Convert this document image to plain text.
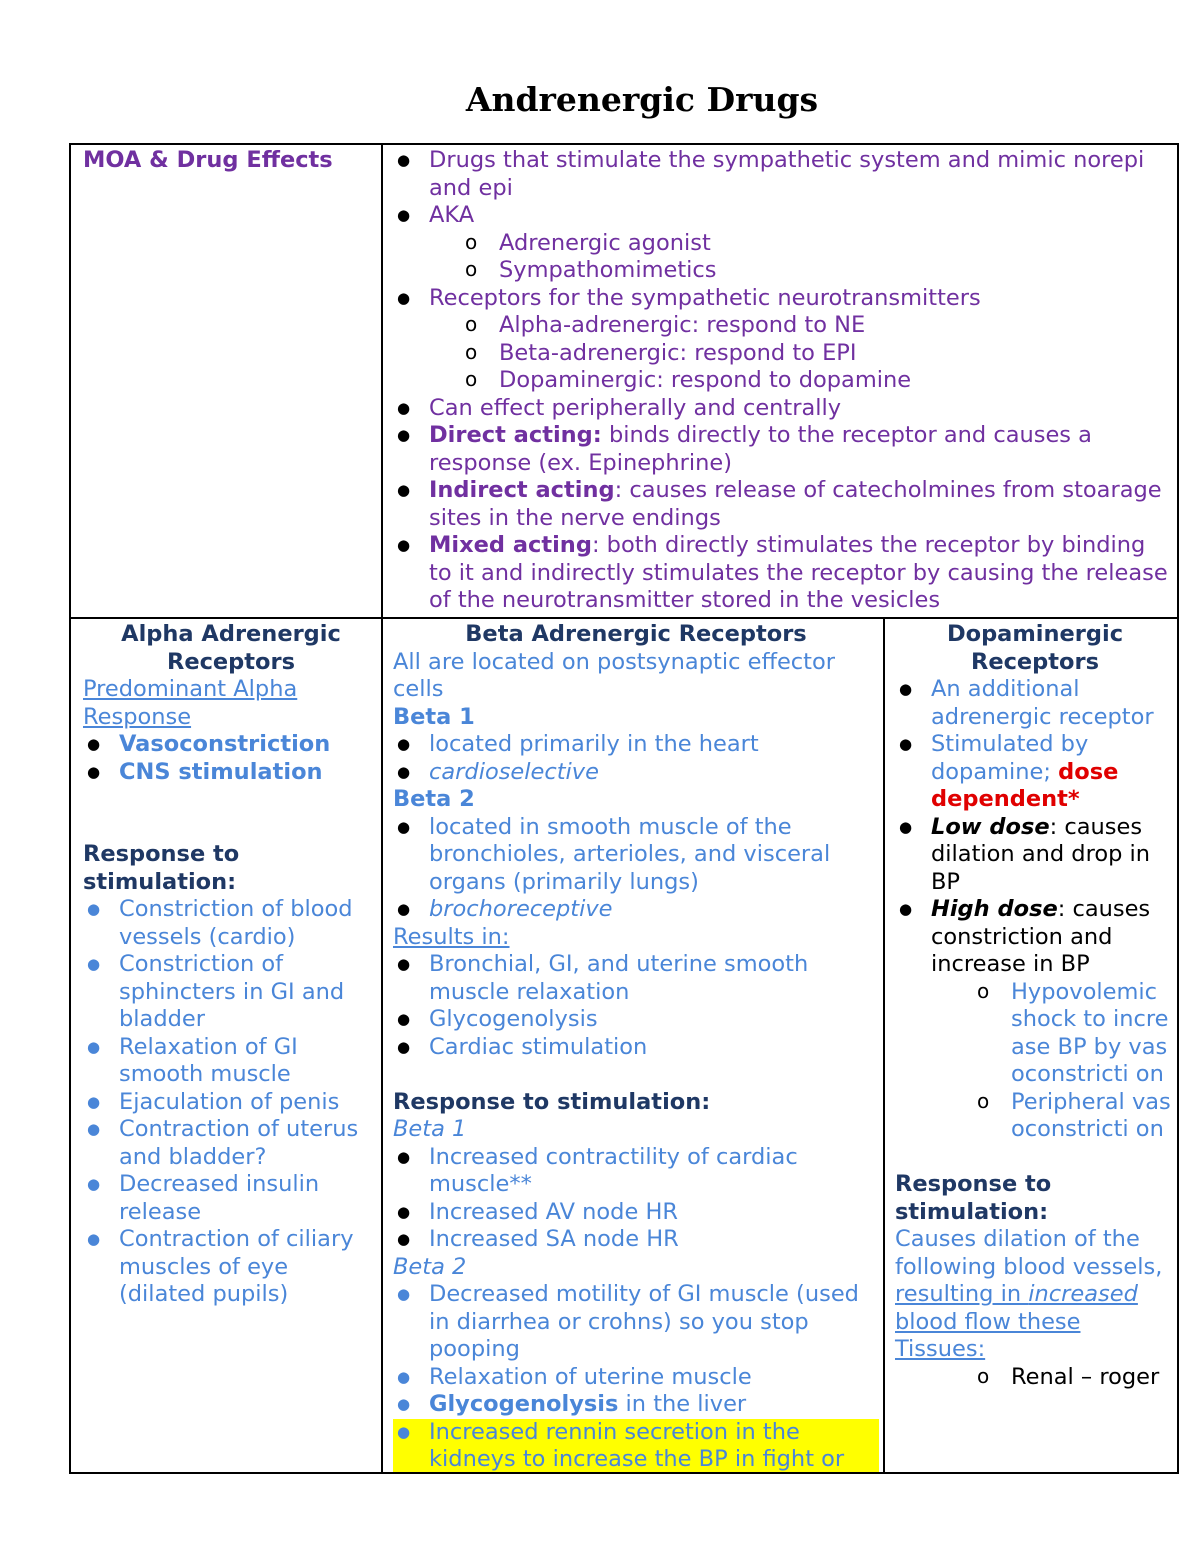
Andrenergic Drugs
MOA & Drug Effects
●	Drugs that stimulate the sympathetic system and mimic norepi and epi
● AKA
o Adrenergic agonist
o Sympathomimetics
● Receptors for the sympathetic neurotransmitters
o Alpha-adrenergic: respond to NE
o Beta-adrenergic: respond to EPI
o Dopaminergic: respond to dopamine
● Can effect peripherally and centrally
● Direct acting: binds directly to the receptor and causes a response (ex. Epinephrine)
● Indirect acting: causes release of catecholmines from stoarage sites in the nerve endings
● Mixed acting: both directly stimulates the receptor by binding to it and indirectly stimulates the receptor by causing the release of the neurotransmitter stored in the vesicles
Alpha Adrenergic Receptors
Predominant Alpha Response
● Vasoconstriction
● CNS stimulation
Response to stimulation:
● Constriction of blood vessels (cardio)
● Constriction of sphincters in GI and bladder
● Relaxation of GI smooth muscle
● Ejaculation of penis
● Contraction of uterus and bladder?
● Decreased insulin release
● Contraction of ciliary muscles of eye (dilated pupils)
Beta Adrenergic Receptors
All are located on postsynaptic effector cells
Beta 1
● located primarily in the heart
● cardioselective
Beta 2
● located in smooth muscle of the bronchioles, arterioles, and visceral organs (primarily lungs)
● brochoreceptive
Results in:
● Bronchial, GI, and uterine smooth muscle relaxation
● Glycogenolysis
● Cardiac stimulation
Response to stimulation:
Beta 1
● Increased contractility of cardiac muscle**
● Increased AV node HR
● Increased SA node HR
Beta 2
● Decreased motility of GI muscle (used in diarrhea or crohns) so you stop pooping
● Relaxation of uterine muscle
● Glycogenolysis in the liver
● Increased rennin secretion in the kidneys to increase the BP in fight or
Dopaminergic Receptors
● An additional adrenergic receptor
● Stimulated by dopamine; dose dependent*
● Low dose: causes dilation and drop in BP
● High dose: causes constriction and increase in BP
o Hypovolemic shock to increase BP by vasoconstricti on
o Peripheral vasoconstricti on
Response to stimulation:
Causes dilation of the following blood vessels, resulting in increased blood flow these Tissues:
o Renal – roger
